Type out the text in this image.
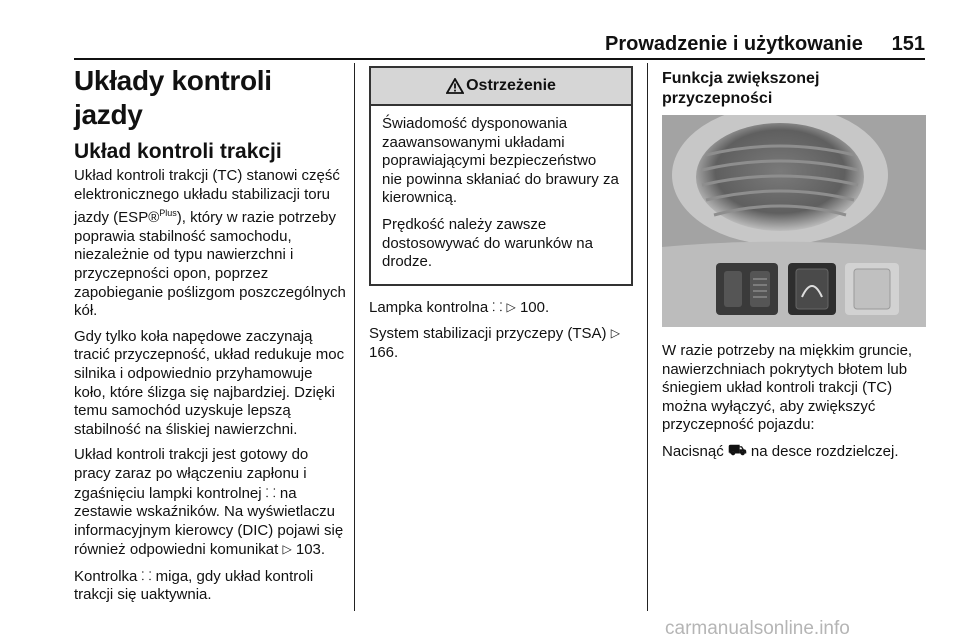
Prowadzenie i użytkowanie 151
Układy kontroli jazdy
Układ kontroli trakcji

Układ kontroli trakcji (TC) stanowi część elektronicznego układu stabilizacji toru jazdy (ESP®$^{Plus}$), który w razie potrzeby poprawia stabilność samochodu, niezależnie od typu nawierzchni i przyczepności opon, poprzez zapobieganie poślizgom poszczególnych kół.

Gdy tylko koła napędowe zaczynają tracić przyczepność, układ redukuje moc silnika i odpowiednio przyhamowuje koło, które ślizga się najbardziej. Dzięki temu samochód uzyskuje lepszą stabilność na śliskiej nawierzchni.

Układ kontroli trakcji jest gotowy do pracy zaraz po włączeniu zapłonu i zgaśnięciu lampki kontrolnej ⸬ na zestawie wskaźników. Na wyświetlaczu informacyjnym kierowcy (DIC) pojawi się również odpowiedni komunikat ▷ 103.

Kontrolka ⸬ miga, gdy układ kontroli trakcji się uaktywnia.

Ostrzeżenie

Świadomość dysponowania zaawansowanymi układami poprawiającymi bezpieczeństwo nie powinna skłaniać do brawury za kierownicą.

Prędkość należy zawsze dostosowywać do warunków na drodze.

Lampka kontrolna ⸬ ▷ 100.

System stabilizacji przyczepy (TSA) ▷ 166.

Funkcja zwiększonej przyczepności

W razie potrzeby na miękkim gruncie, nawierzchniach pokrytych błotem lub śniegiem układ kontroli trakcji (TC) można wyłączyć, aby zwiększyć przyczepność pojazdu:

Nacisnąć ⛟ na desce rozdzielczej.

carmanualsonline.info
